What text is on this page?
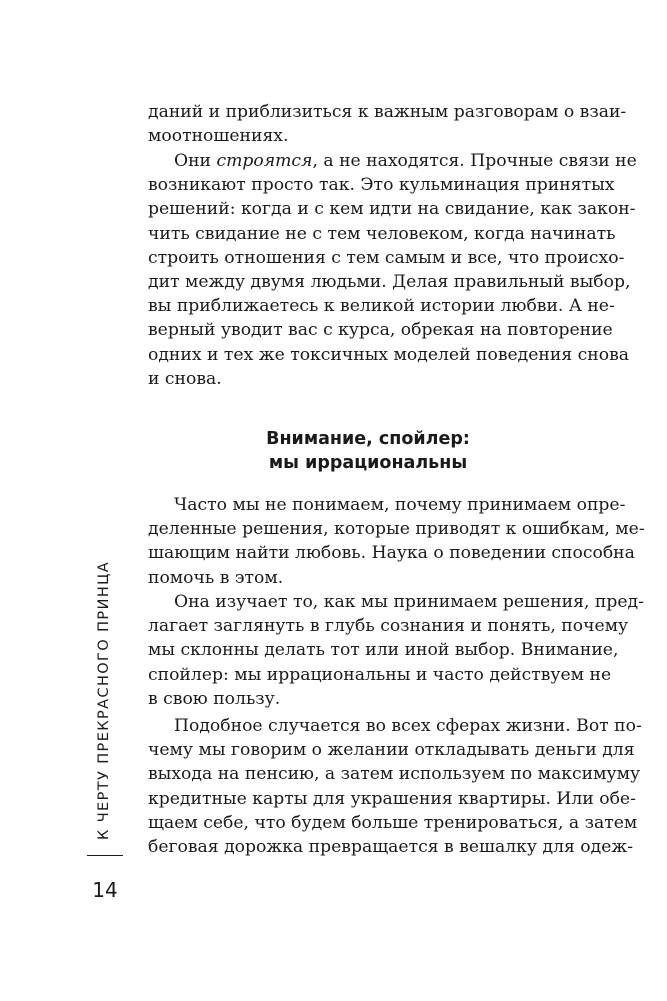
даний и приблизиться к важным разговорам о взаи-
моотношениях.
Они строятся, а не находятся. Прочные связи не
возникают просто так. Это кульминация принятых
решений: когда и с кем идти на свидание, как закон-
чить свидание не с тем человеком, когда начинать
строить отношения с тем самым и все, что происхо-
дит между двумя людьми. Делая правильный выбор,
вы приближаетесь к великой истории любви. А не-
верный уводит вас с курса, обрекая на повторение
одних и тех же токсичных моделей поведения снова
и снова.
Внимание, спойлер:
мы иррациональны
Часто мы не понимаем, почему принимаем опре-
деленные решения, которые приводят к ошибкам, ме-
шающим найти любовь. Наука о поведении способна
помочь в этом.
Она изучает то, как мы принимаем решения, пред-
лагает заглянуть в глубь сознания и понять, почему
мы склонны делать тот или иной выбор. Внимание,
спойлер: мы иррациональны и часто действуем не
в свою пользу.
Подобное случается во всех сферах жизни. Вот по-
чему мы говорим о желании откладывать деньги для
выхода на пенсию, а затем используем по максимуму
кредитные карты для украшения квартиры. Или обе-
щаем себе, что будем больше тренироваться, а затем
беговая дорожка превращается в вешалку для одеж-
К ЧЕРТУ ПРЕКРАСНОГО ПРИНЦА
14
